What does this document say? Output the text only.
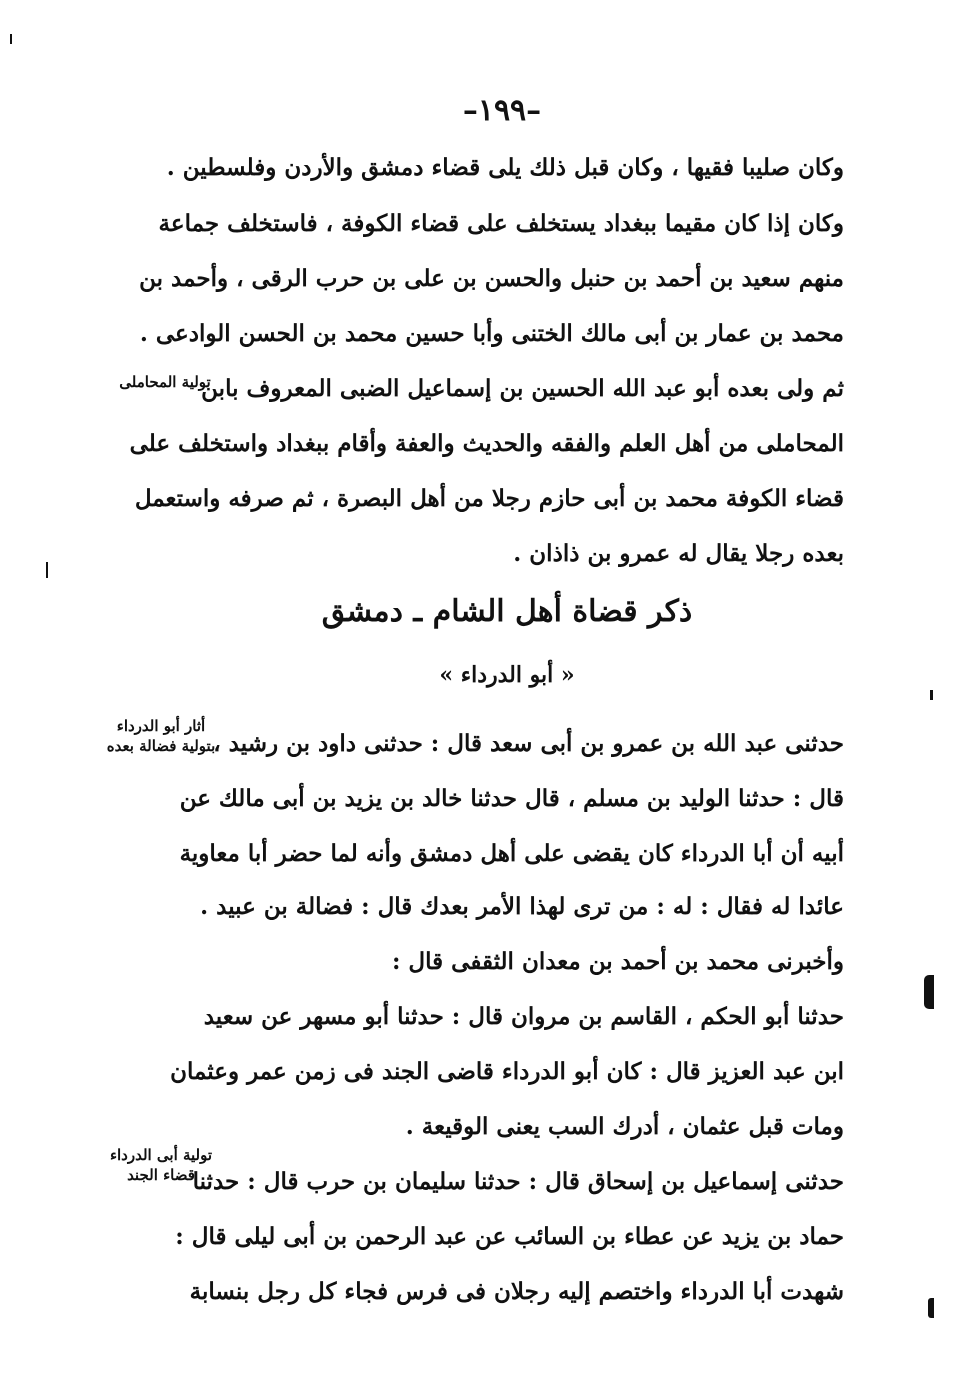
–١٩٩–
وكان صليبا فقيها ، وكان قبل ذلك يلى قضاء دمشق والأردن وفلسطين .
وكان إذا كان مقيما ببغداد يستخلف على قضاء الكوفة ، فاستخلف جماعة
منهم سعيد بن أحمد بن حنبل والحسن بن على بن حرب الرقى ، وأحمد بن
محمد بن عمار بن أبى مالك الختنى وأبا حسين محمد بن الحسن الوادعى .
ثم ولى بعده أبو عبد الله الحسين بن إسماعيل الضبى المعروف بابن
المحاملى من أهل العلم والفقه والحديث والعفة وأقام ببغداد واستخلف على
قضاء الكوفة محمد بن أبى حازم رجلا من أهل البصرة ، ثم صرفه واستعمل
بعده رجلا يقال له عمرو بن ذاذان .
ذكر قضاة أهل الشام ـ دمشق
« أبو الدرداء »
حدثنى عبد الله بن عمرو بن أبى سعد قال : حدثنى داود بن رشيد ،
قال : حدثنا الوليد بن مسلم ، قال حدثنا خالد بن يزيد بن أبى مالك عن
أبيه أن أبا الدرداء كان يقضى على أهل دمشق وأنه لما حضر أبا معاوية
عائدا له فقال : له : من ترى لهذا الأمر بعدك قال : فضالة بن عبيد .
وأخبرنى محمد بن أحمد بن معدان الثقفى قال :
حدثنا أبو الحكم ، القاسم بن مروان قال : حدثنا أبو مسهر عن سعيد
ابن عبد العزيز قال : كان أبو الدرداء قاضى الجند فى زمن عمر وعثمان
ومات قبل عثمان ، أدرك السب يعنى الوقيعة .
حدثنى إسماعيل بن إسحاق قال : حدثنا سليمان بن حرب قال : حدثنا
حماد بن يزيد عن عطاء بن السائب عن عبد الرحمن بن أبى ليلى قال :
شهدت أبا الدرداء واختصم إليه رجلان فى فرس فجاء كل رجل بنسابة
تولية المحاملى
أثار أبو الدرداء
بتولية فضالة بعده
تولية أبى الدرداء
قضاء الجند
